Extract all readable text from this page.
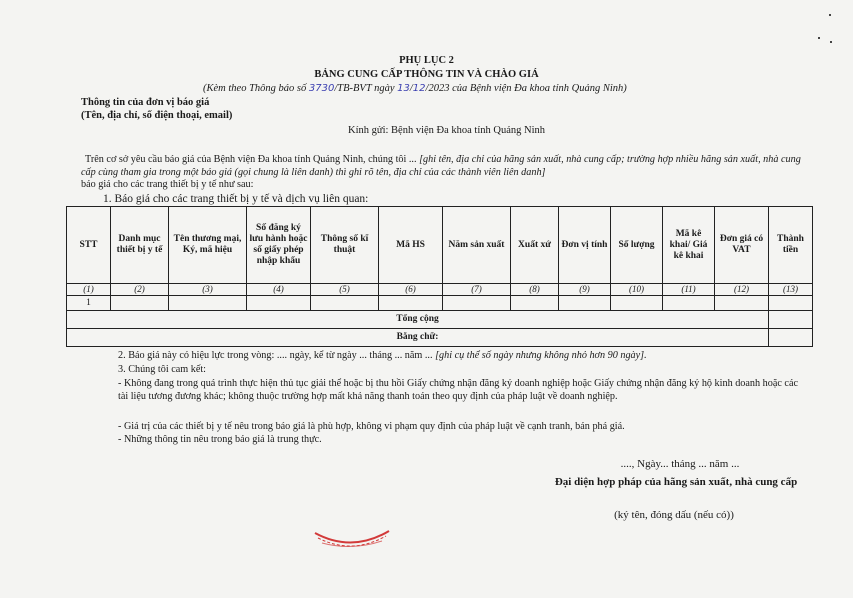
PHỤ LỤC 2
BẢNG CUNG CẤP THÔNG TIN VÀ CHÀO GIÁ
(Kèm theo Thông báo số 3730/TB-BVT ngày 13/12/2023 của Bệnh viện Đa khoa tỉnh Quảng Ninh)
Thông tin của đơn vị báo giá
(Tên, địa chỉ, số điện thoại, email)
Kính gửi: Bệnh viện Đa khoa tỉnh Quảng Ninh
Trên cơ sở yêu cầu báo giá của Bệnh viện Đa khoa tỉnh Quảng Ninh, chúng tôi ... [ghi tên, địa chỉ của hãng sản xuất, nhà cung cấp; trường hợp nhiều hãng sản xuất, nhà cung cấp cùng tham gia trong một báo giá (gọi chung là liên danh) thì ghi rõ tên, địa chỉ của các thành viên liên danh]
báo giá cho các trang thiết bị y tế như sau:
1. Báo giá cho các trang thiết bị y tế và dịch vụ liên quan:
STT	Danh mục thiết bị y tế	Tên thương mại, Ký, mã hiệu	Số đăng ký lưu hành hoặc số giấy phép nhập khẩu	Thông số kĩ thuật	Mã HS	Năm sản xuất	Xuất xứ	Đơn vị tính	Số lượng	Mã kê khai/ Giá kê khai	Đơn giá có VAT	Thành tiền
(1)	(2)	(3)	(4)	(5)	(6)	(7)	(8)	(9)	(10)	(11)	(12)	(13)
1												
Tổng cộng												
Bằng chữ:												
2. Báo giá này có hiệu lực trong vòng: .... ngày, kể từ ngày ... tháng ... năm ... [ghi cụ thể số ngày nhưng không nhỏ hơn 90 ngày].
3. Chúng tôi cam kết:
- Không đang trong quá trình thực hiện thủ tục giải thể hoặc bị thu hồi Giấy chứng nhận đăng ký doanh nghiệp hoặc Giấy chứng nhận đăng ký hộ kinh doanh hoặc các tài liệu tương đương khác; không thuộc trường hợp mất khả năng thanh toán theo quy định của pháp luật về doanh nghiệp.
- Giá trị của các thiết bị y tế nêu trong báo giá là phù hợp, không vi phạm quy định của pháp luật về cạnh tranh, bán phá giá.
- Những thông tin nêu trong báo giá là trung thực.
...., Ngày... tháng ... năm ...
Đại diện hợp pháp của hãng sản xuất, nhà cung cấp
(ký tên, đóng dấu (nếu có))
